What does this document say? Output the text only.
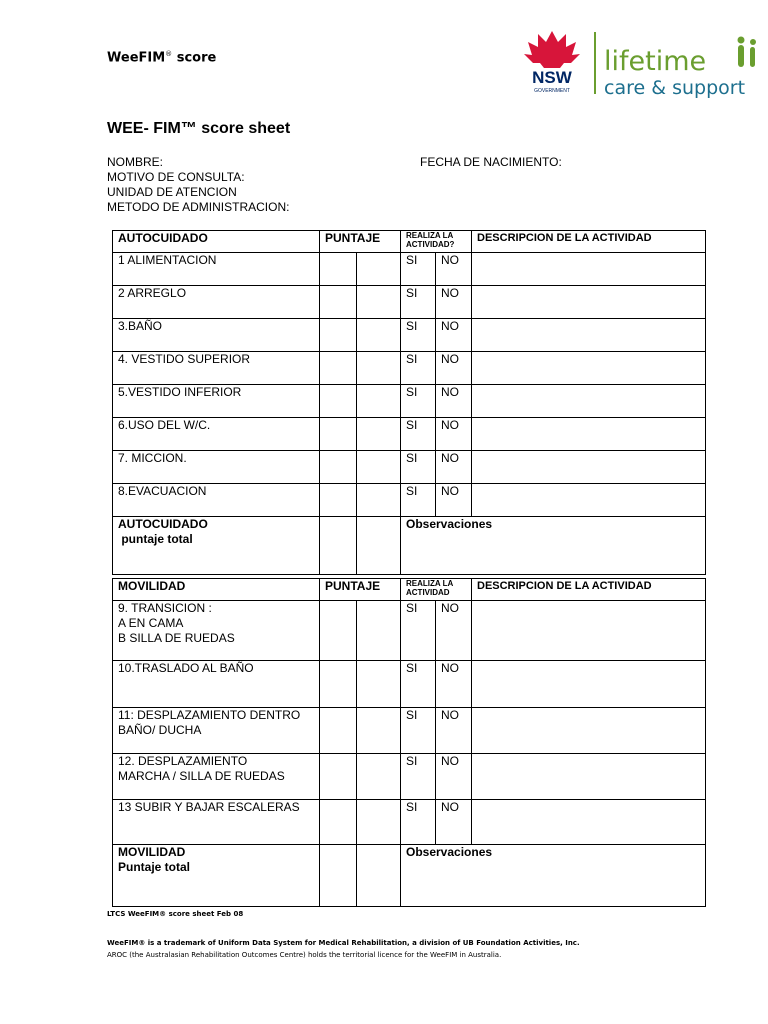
WeeFIM® score
NSW
GOVERNMENT
lifetime
care & support
WEE- FIM™ score sheet
NOMBRE:	FECHA DE NACIMIENTO:
MOTIVO DE CONSULTA:
UNIDAD DE ATENCION
METODO DE ADMINISTRACION:
AUTOCUIDADO	PUNTAJE		REALIZA LA ACTIVIDAD?		DESCRIPCION DE LA ACTIVIDAD
1 ALIMENTACION			SI	NO	
2 ARREGLO			SI	NO	
3.BAÑO			SI	NO	
4. VESTIDO SUPERIOR			SI	NO	
5.VESTIDO INFERIOR			SI	NO	
6.USO DEL W/C.			SI	NO	
7. MICCION.			SI	NO	
8.EVACUACION			SI	NO	
AUTOCUIDADO
puntaje total			Observaciones		
MOVILIDAD	PUNTAJE		REALIZA LA ACTIVIDAD		DESCRIPCION DE LA ACTIVIDAD
9. TRANSICION :
A EN CAMA
B SILLA DE RUEDAS			SI	NO	
10.TRASLADO AL BAÑO			SI	NO	
11: DESPLAZAMIENTO DENTRO
BAÑO/ DUCHA			SI	NO	
12. DESPLAZAMIENTO
MARCHA / SILLA DE RUEDAS			SI	NO	
13 SUBIR Y BAJAR ESCALERAS			SI	NO	
MOVILIDAD
Puntaje total			Observaciones		
LTCS WeeFIM® score sheet Feb 08
WeeFIM® is a trademark of Uniform Data System for Medical Rehabilitation, a division of UB Foundation Activities, Inc.
AROC (the Australasian Rehabilitation Outcomes Centre) holds the territorial licence for the WeeFIM in Australia.
